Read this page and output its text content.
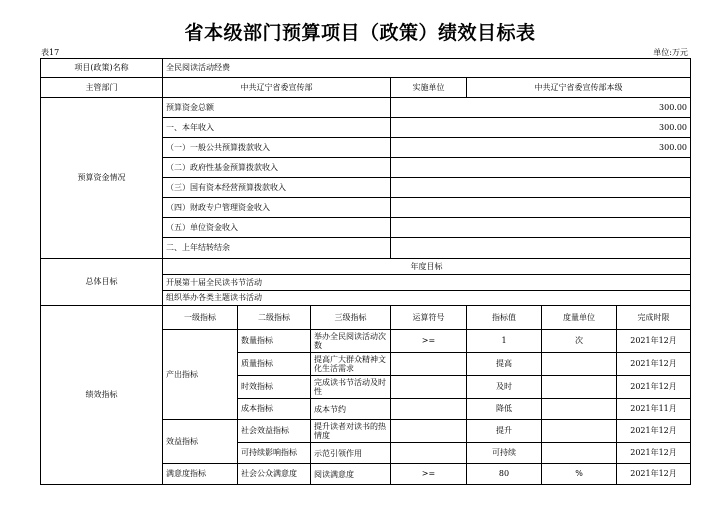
省本级部门预算项目（政策）绩效目标表
表17	单位:万元
项目(政策)名称	全民阅读活动经费						
主管部门	中共辽宁省委宣传部			实施单位	中共辽宁省委宣传部本级		
预算资金情况	预算资金总额			300.00			
	一、本年收入			300.00			
	（一）一般公共预算拨款收入			300.00			
	（二）政府性基金预算拨款收入						
	（三）国有资本经营预算拨款收入						
	（四）财政专户管理资金收入						
	（五）单位资金收入						
	二、上年结转结余						
总体目标	年度目标						
	开展第十届全民读书节活动						
	组织举办各类主题读书活动						
绩效指标	一级指标	二级指标	三级指标	运算符号	指标值	度量单位	完成时限
	产出指标	数量指标	举办全民阅读活动次数	>=	1	次	2021年12月
		质量指标	提高广大群众精神文化生活需求		提高		2021年12月
		时效指标	完成读书节活动及时性		及时		2021年12月
		成本指标	成本节约		降低		2021年11月
	效益指标	社会效益指标	提升读者对读书的热情度		提升		2021年12月
		可持续影响指标	示范引领作用		可持续		2021年12月
	满意度指标	社会公众满意度	阅读满意度	>=	80	%	2021年12月
